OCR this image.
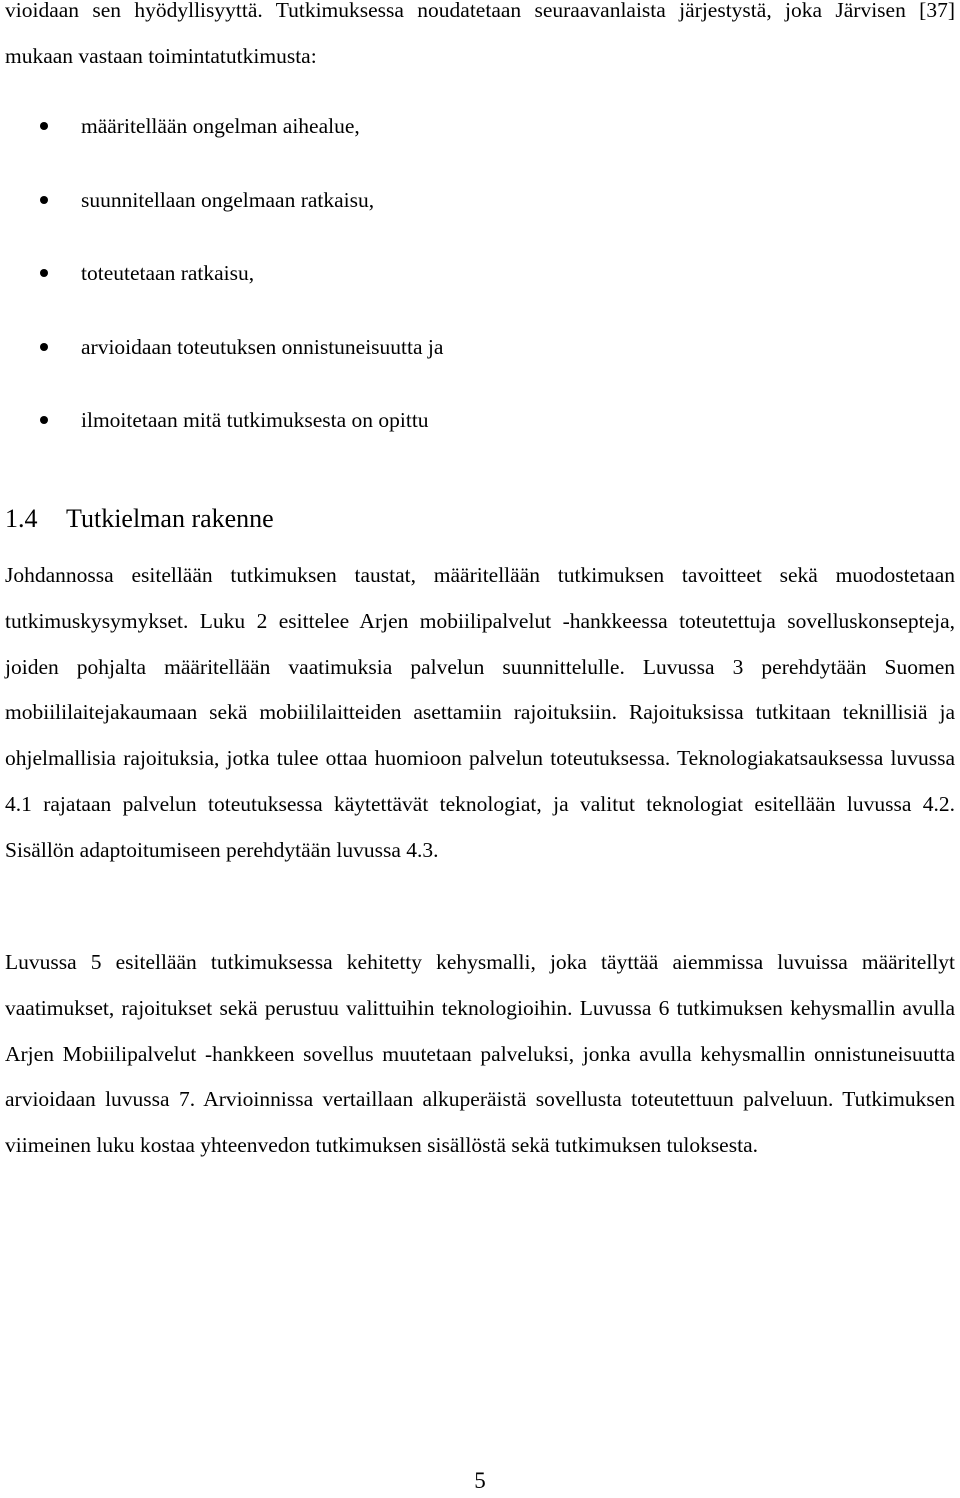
vioidaan sen hyödyllisyyttä. Tutkimuksessa noudatetaan seuraavanlaista järjestystä, joka Järvisen [37] mukaan vastaan toimintatutkimusta:

määritellään ongelman aihealue,
suunnitellaan ongelmaan ratkaisu,
toteutetaan ratkaisu,
arvioidaan toteutuksen onnistuneisuutta ja
ilmoitetaan mitä tutkimuksesta on opittu
1.4 Tutkielman rakenne

Johdannossa esitellään tutkimuksen taustat, määritellään tutkimuksen tavoitteet sekä muodostetaan tutkimuskysymykset. Luku 2 esittelee Arjen mobiilipalvelut -hankkeessa toteutettuja sovelluskonsepteja, joiden pohjalta määritellään vaatimuksia palvelun suunnittelulle. Luvussa 3 perehdytään Suomen mobiililaitejakaumaan sekä mobiililaitteiden asettamiin rajoituksiin. Rajoituksissa tutkitaan teknillisiä ja ohjelmallisia rajoituksia, jotka tulee ottaa huomioon palvelun toteutuksessa. Teknologiakatsauksessa luvussa 4.1 rajataan palvelun toteutuksessa käytettävät teknologiat, ja valitut teknologiat esitellään luvussa 4.2. Sisällön adaptoitumiseen perehdytään luvussa 4.3.

Luvussa 5 esitellään tutkimuksessa kehitetty kehysmalli, joka täyttää aiemmissa luvuissa määritellyt vaatimukset, rajoitukset sekä perustuu valittuihin teknologioihin. Luvussa 6 tutkimuksen kehysmallin avulla Arjen Mobiilipalvelut -hankkeen sovellus muutetaan palveluksi, jonka avulla kehysmallin onnistuneisuutta arvioidaan luvussa 7. Arvioinnissa vertaillaan alkuperäistä sovellusta toteutettuun palveluun. Tutkimuksen viimeinen luku kostaa yhteenvedon tutkimuksen sisällöstä sekä tutkimuksen tuloksesta.

5
